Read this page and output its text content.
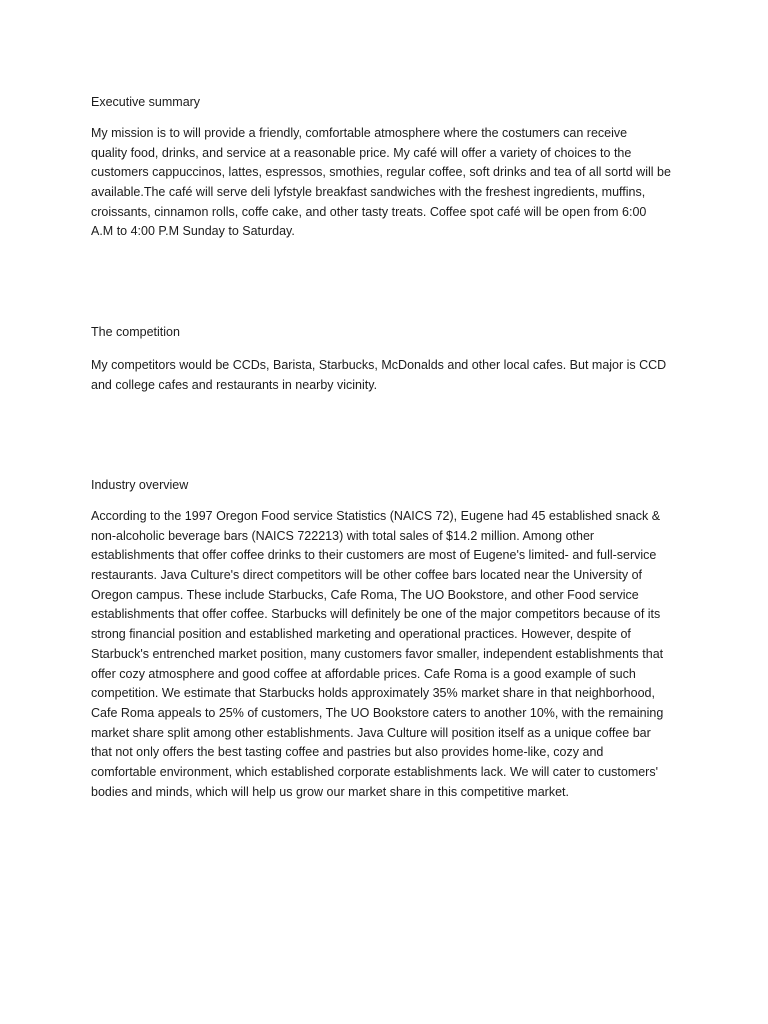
Executive summary
My mission is to will provide a friendly, comfortable atmosphere where the costumers can receive
quality food, drinks, and service at a reasonable price. My café will offer a variety of choices to the
customers cappuccinos, lattes, espressos, smothies, regular coffee, soft drinks and tea of all sortd will be
available.The café will serve deli lyfstyle breakfast sandwiches with the freshest ingredients, muffins,
croissants, cinnamon rolls, coffe cake, and other tasty treats. Coffee spot café will be open from 6:00
A.M to 4:00 P.M Sunday to Saturday.
The competition
My competitors would be CCDs, Barista, Starbucks, McDonalds and other local cafes. But major is CCD
and college cafes and restaurants in nearby vicinity.
Industry overview
According to the 1997 Oregon Food service Statistics (NAICS 72), Eugene had 45 established snack &
non-alcoholic beverage bars (NAICS 722213) with total sales of $14.2 million. Among other
establishments that offer coffee drinks to their customers are most of Eugene's limited- and full-service
restaurants. Java Culture's direct competitors will be other coffee bars located near the University of
Oregon campus. These include Starbucks, Cafe Roma, The UO Bookstore, and other Food service
establishments that offer coffee. Starbucks will definitely be one of the major competitors because of its
strong financial position and established marketing and operational practices. However, despite of
Starbuck's entrenched market position, many customers favor smaller, independent establishments that
offer cozy atmosphere and good coffee at affordable prices. Cafe Roma is a good example of such
competition. We estimate that Starbucks holds approximately 35% market share in that neighborhood,
Cafe Roma appeals to 25% of customers, The UO Bookstore caters to another 10%, with the remaining
market share split among other establishments. Java Culture will position itself as a unique coffee bar
that not only offers the best tasting coffee and pastries but also provides home-like, cozy and
comfortable environment, which established corporate establishments lack. We will cater to customers'
bodies and minds, which will help us grow our market share in this competitive market.
